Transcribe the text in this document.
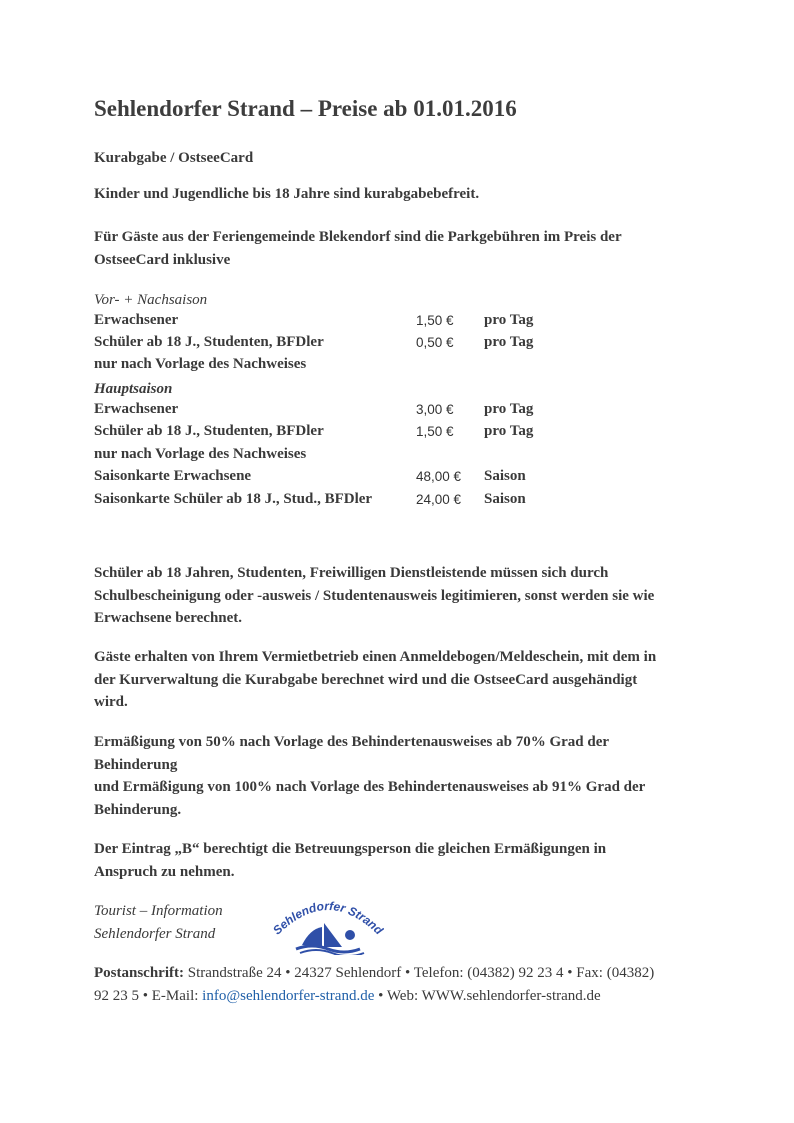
Sehlendorfer Strand – Preise ab 01.01.2016
Kurabgabe / OstseeCard
Kinder und Jugendliche bis 18 Jahre sind kurabgabebefreit.
Für Gäste aus der Feriengemeinde Blekendorf sind die Parkgebühren im Preis der
OstseeCard inklusive
Vor- + Nachsaison
Erwachsener	1,50 € pro Tag
Schüler ab 18 J., Studenten, BFDler	0,50 € pro Tag
nur nach Vorlage des Nachweises
Hauptsaison
Erwachsener	3,00 € pro Tag
Schüler ab 18 J., Studenten, BFDler	1,50 € pro Tag
nur nach Vorlage des Nachweises
Saisonkarte Erwachsene	48,00 € Saison
Saisonkarte Schüler ab 18 J., Stud., BFDler	24,00 € Saison
Schüler ab 18 Jahren, Studenten, Freiwilligen Dienstleistende müssen sich durch
Schulbescheinigung oder -ausweis / Studentenausweis legitimieren, sonst werden sie wie
Erwachsene berechnet.
Gäste erhalten von Ihrem Vermietbetrieb einen Anmeldebogen/Meldeschein, mit dem in
der Kurverwaltung die Kurabgabe berechnet wird und die OstseeCard ausgehändigt
wird.
Ermäßigung von 50% nach Vorlage des Behindertenausweises ab 70% Grad der
Behinderung
und Ermäßigung von 100% nach Vorlage des Behindertenausweises ab 91% Grad der
Behinderung.
Der Eintrag „B“ berechtigt die Betreuungsperson die gleichen Ermäßigungen in
Anspruch zu nehmen.
Tourist – Information
Sehlendorfer Strand
ehlendorfer Stran
Postanschrift: Strandstraße 24 • 24327 Sehlendorf • Telefon: (04382) 92 23 4 • Fax: (04382)
92 23 5 • E-Mail: info@sehlendorfer-strand.de • Web: WWW.sehlendorfer-strand.de
